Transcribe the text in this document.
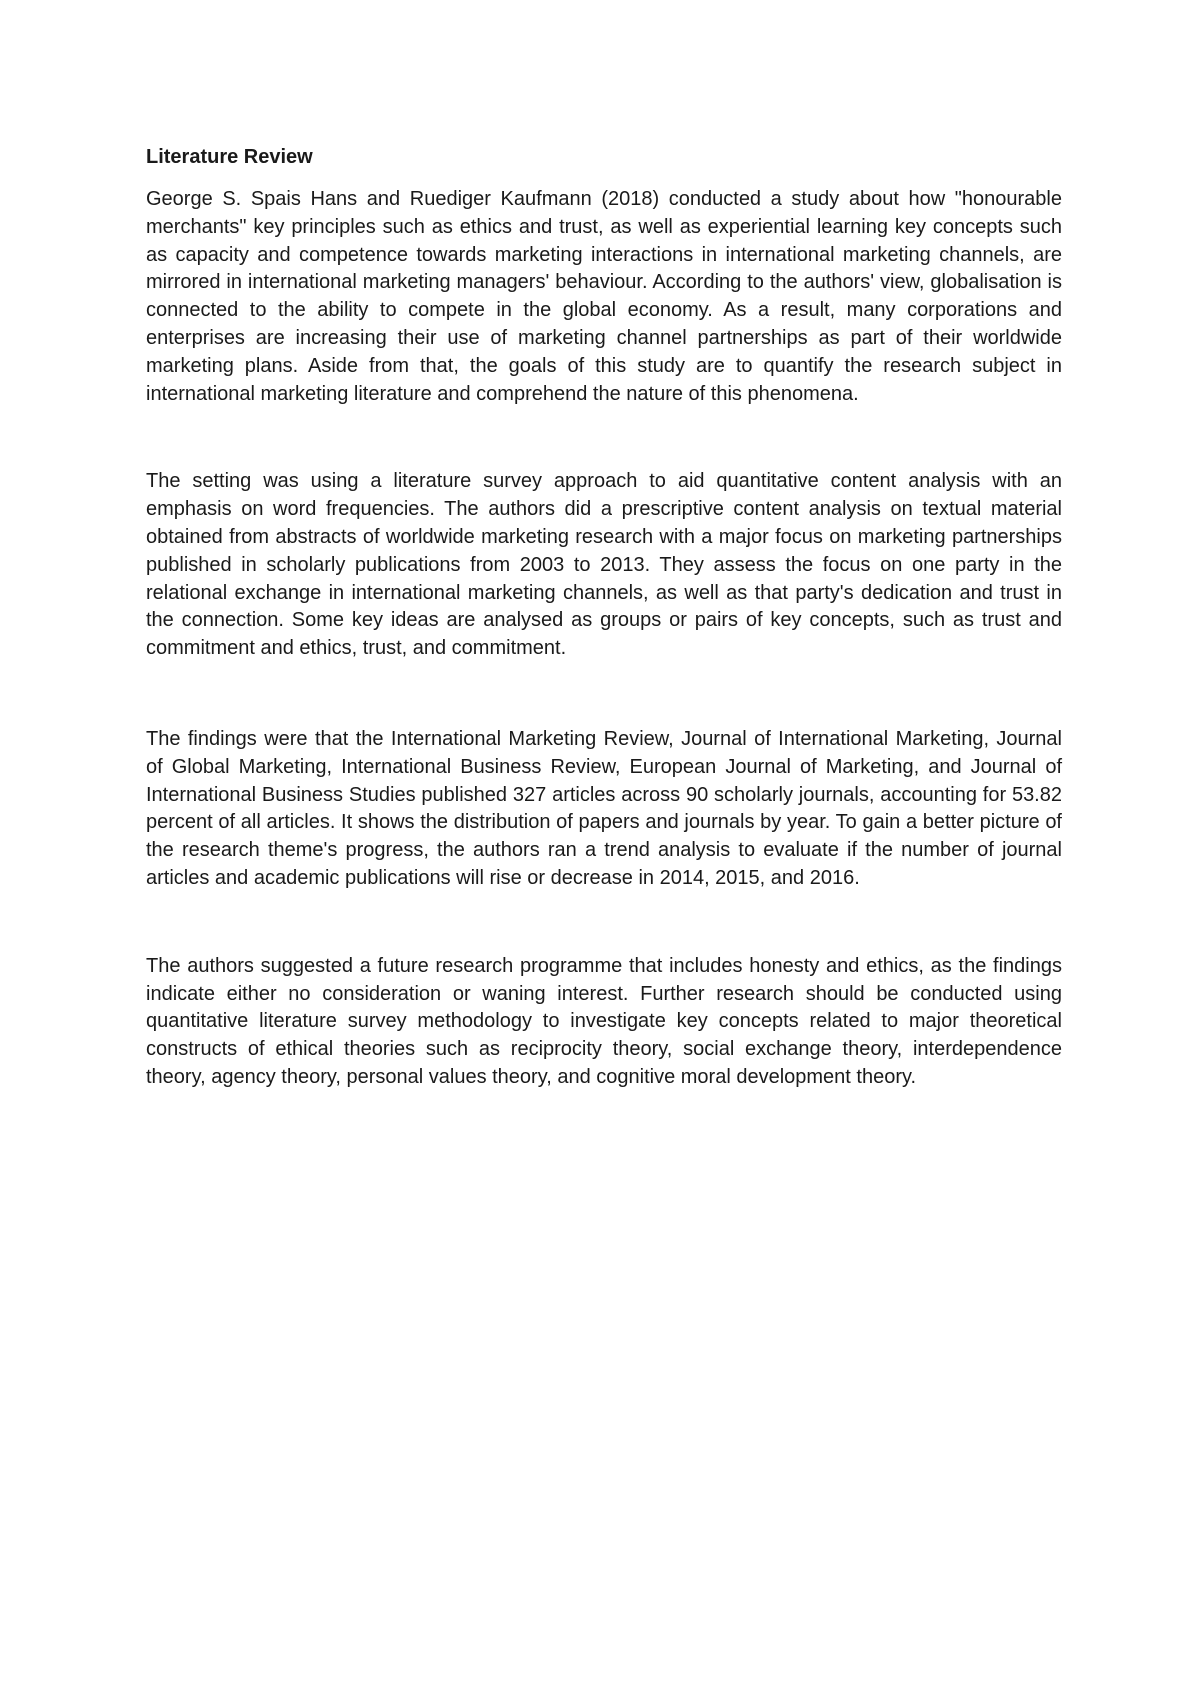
Literature Review

George S. Spais Hans and Ruediger Kaufmann (2018) conducted a study about how "honourable merchants" key principles such as ethics and trust, as well as experiential learning key concepts such as capacity and competence towards marketing interactions in international marketing channels, are mirrored in international marketing managers' behaviour. According to the authors' view, globalisation is connected to the ability to compete in the global economy. As a result, many corporations and enterprises are increasing their use of marketing channel partnerships as part of their worldwide marketing plans. Aside from that, the goals of this study are to quantify the research subject in international marketing literature and comprehend the nature of this phenomena.

The setting was using a literature survey approach to aid quantitative content analysis with an emphasis on word frequencies. The authors did a prescriptive content analysis on textual material obtained from abstracts of worldwide marketing research with a major focus on marketing partnerships published in scholarly publications from 2003 to 2013. They assess the focus on one party in the relational exchange in international marketing channels, as well as that party's dedication and trust in the connection. Some key ideas are analysed as groups or pairs of key concepts, such as trust and commitment and ethics, trust, and commitment.

The findings were that the International Marketing Review, Journal of International Marketing, Journal of Global Marketing, International Business Review, European Journal of Marketing, and Journal of International Business Studies published 327 articles across 90 scholarly journals, accounting for 53.82 percent of all articles. It shows the distribution of papers and journals by year. To gain a better picture of the research theme's progress, the authors ran a trend analysis to evaluate if the number of journal articles and academic publications will rise or decrease in 2014, 2015, and 2016.

The authors suggested a future research programme that includes honesty and ethics, as the findings indicate either no consideration or waning interest. Further research should be conducted using quantitative literature survey methodology to investigate key concepts related to major theoretical constructs of ethical theories such as reciprocity theory, social exchange theory, interdependence theory, agency theory, personal values theory, and cognitive moral development theory.
